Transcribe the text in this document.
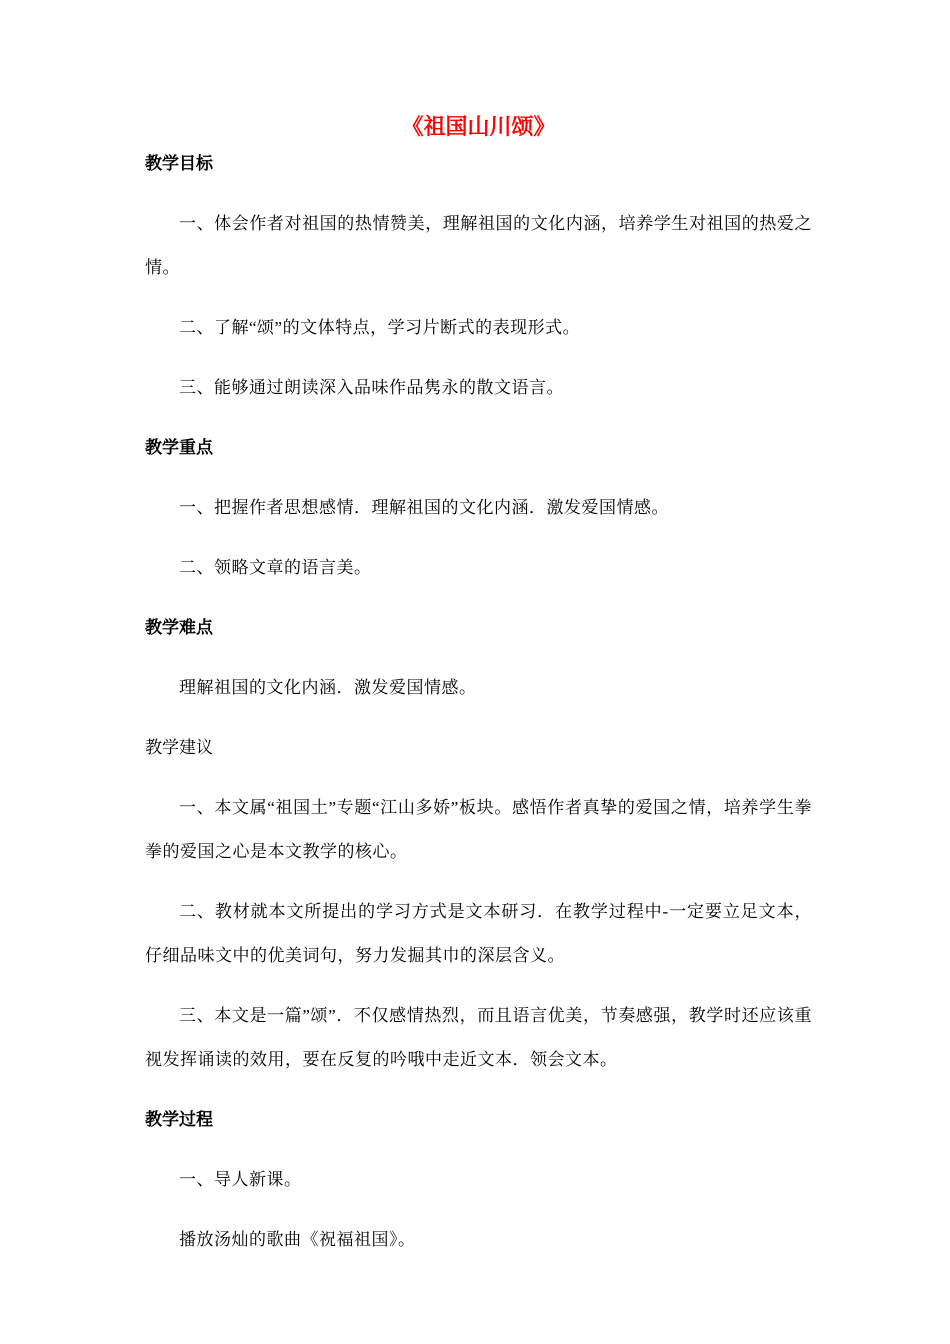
《祖国山川颂》
教学目标

一、体会作者对祖国的热情赞美，理解祖国的文化内涵，培养学生对祖国的热爱之情。

二、了解“颂”的文体特点，学习片断式的表现形式。

三、能够通过朗读深入品味作品隽永的散文语言。

教学重点

一、把握作者思想感情．理解祖国的文化内涵．激发爱国情感。

二、领略文章的语言美。

教学难点

理解祖国的文化内涵．激发爱国情感。

教学建议

一、本文属“祖国土”专题“江山多娇”板块。感悟作者真挚的爱国之情，培养学生拳拳的爱国之心是本文教学的核心。

二、教材就本文所提出的学习方式是文本研习．在教学过程中-一定要立足文本，仔细品味文中的优美词句，努力发掘其巾的深层含义。

三、本文是一篇”颂”．不仅感情热烈，而且语言优美，节奏感强，教学时还应该重视发挥诵读的效用，要在反复的吟哦中走近文本．领会文本。

教学过程

一、导人新课。

播放汤灿的歌曲《祝福祖国》。
